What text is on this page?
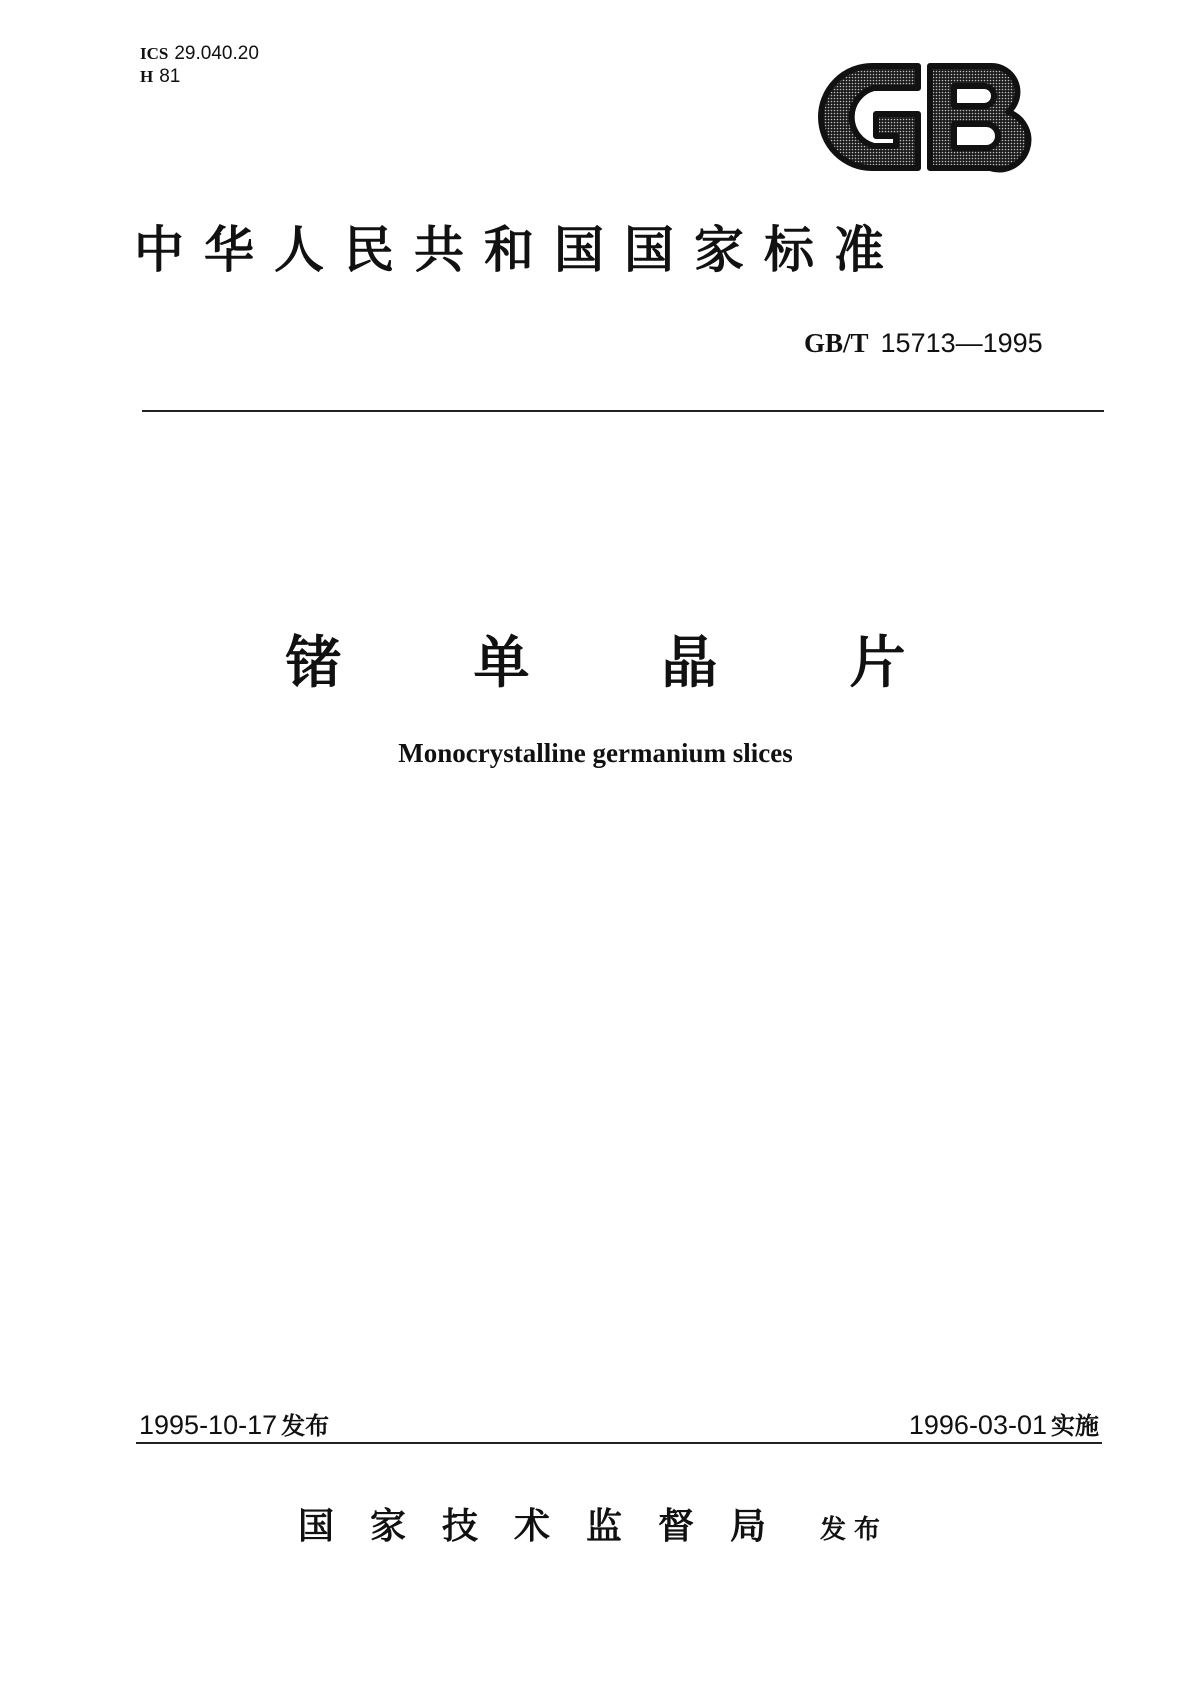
ICS 29.040.20
H 81
中华人民共和国国家标准
GB/T 15713—1995
锗单晶片
Monocrystalline germanium slices
1995-10-17 发布	1996-03-01 实施
国家技术监督局 发布
